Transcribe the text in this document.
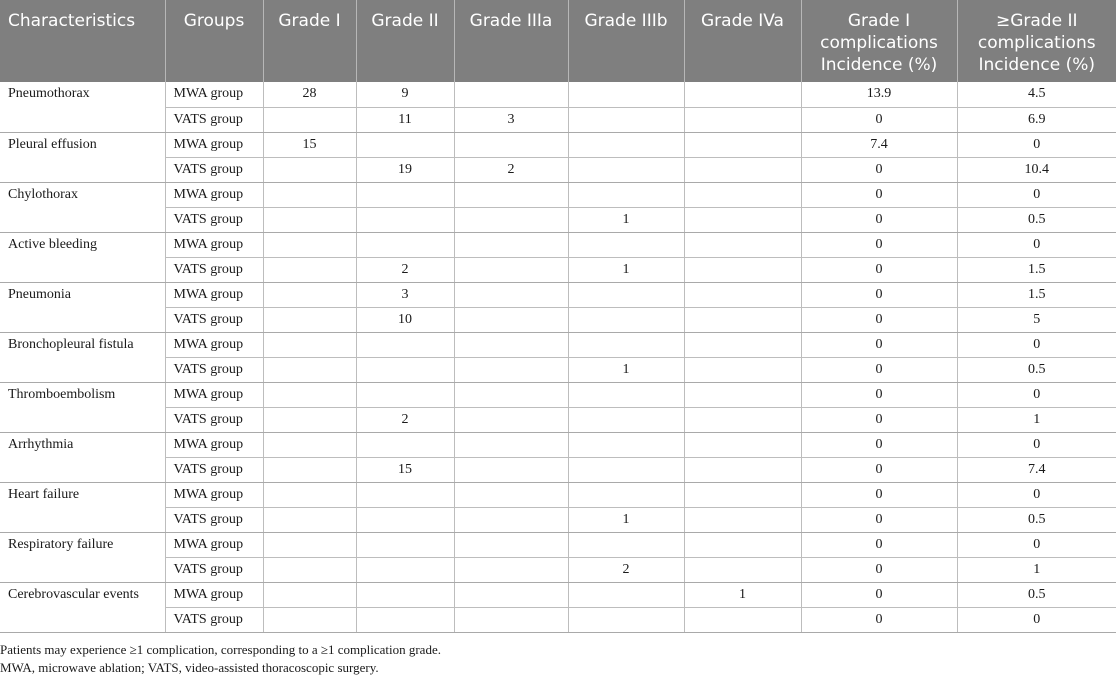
Characteristics	Groups	Grade I	Grade II	Grade IIIa	Grade IIIb	Grade IVa	Grade I complications Incidence (%)	≥Grade II complications Incidence (%)
Pneumothorax	MWA group	28	9				13.9	4.5
	VATS group		11	3			0	6.9
Pleural effusion	MWA group	15					7.4	0
	VATS group		19	2			0	10.4
Chylothorax	MWA group						0	0
	VATS group				1		0	0.5
Active bleeding	MWA group						0	0
	VATS group		2		1		0	1.5
Pneumonia	MWA group		3				0	1.5
	VATS group		10				0	5
Bronchopleural fistula	MWA group						0	0
	VATS group				1		0	0.5
Thromboembolism	MWA group						0	0
	VATS group		2				0	1
Arrhythmia	MWA group						0	0
	VATS group		15				0	7.4
Heart failure	MWA group						0	0
	VATS group				1		0	0.5
Respiratory failure	MWA group						0	0
	VATS group				2		0	1
Cerebrovascular events	MWA group					1	0	0.5
	VATS group						0	0
Patients may experience ≥1 complication, corresponding to a ≥1 complication grade.
MWA, microwave ablation; VATS, video-assisted thoracoscopic surgery.
